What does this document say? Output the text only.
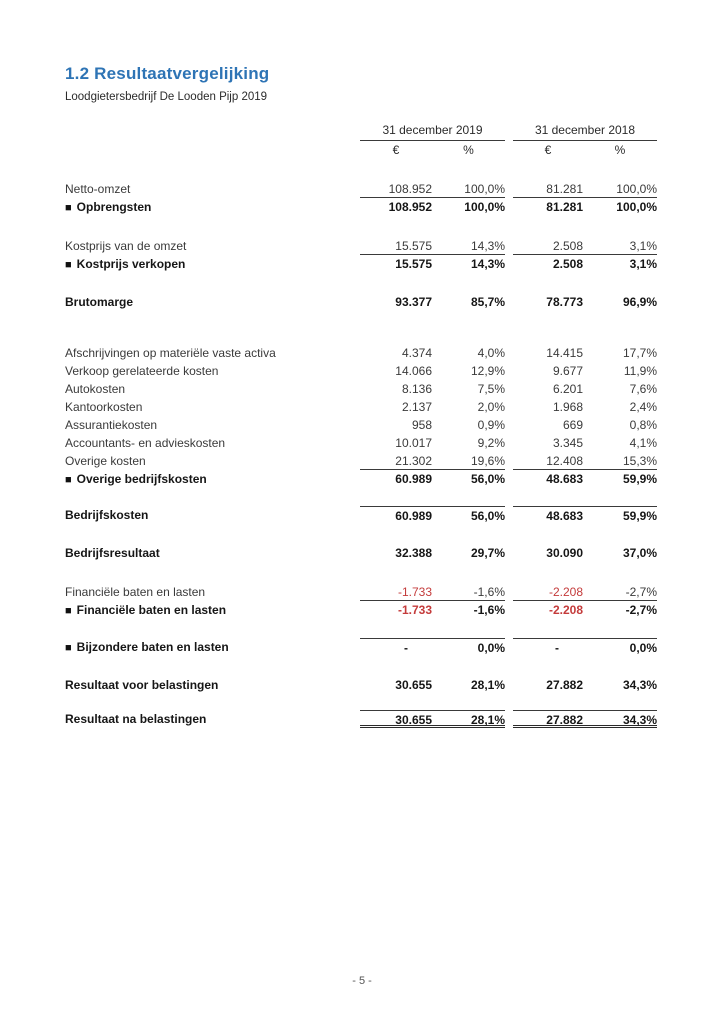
1.2 Resultaatvergelijking
Loodgietersbedrijf De Looden Pijp 2019
31 december 2019	31 december 2018
€	%	€	%
Netto-omzet	108.952	100,0%	81.281	100,0%
■ Opbrengsten	108.952	100,0%	81.281	100,0%
Kostprijs van de omzet	15.575	14,3%	2.508	3,1%
■ Kostprijs verkopen	15.575	14,3%	2.508	3,1%
Brutomarge	93.377	85,7%	78.773	96,9%
Afschrijvingen op materiële vaste activa	4.374	4,0%	14.415	17,7%
Verkoop gerelateerde kosten	14.066	12,9%	9.677	11,9%
Autokosten	8.136	7,5%	6.201	7,6%
Kantoorkosten	2.137	2,0%	1.968	2,4%
Assurantiekosten	958	0,9%	669	0,8%
Accountants- en advieskosten	10.017	9,2%	3.345	4,1%
Overige kosten	21.302	19,6%	12.408	15,3%
■ Overige bedrijfskosten	60.989	56,0%	48.683	59,9%
Bedrijfskosten	60.989	56,0%	48.683	59,9%
Bedrijfsresultaat	32.388	29,7%	30.090	37,0%
Financiële baten en lasten	-1.733	-1,6%	-2.208	-2,7%
■ Financiële baten en lasten	-1.733	-1,6%	-2.208	-2,7%
■ Bijzondere baten en lasten	-	0,0%	-	0,0%
Resultaat voor belastingen	30.655	28,1%	27.882	34,3%
Resultaat na belastingen	30.655	28,1%	27.882	34,3%
- 5 -
